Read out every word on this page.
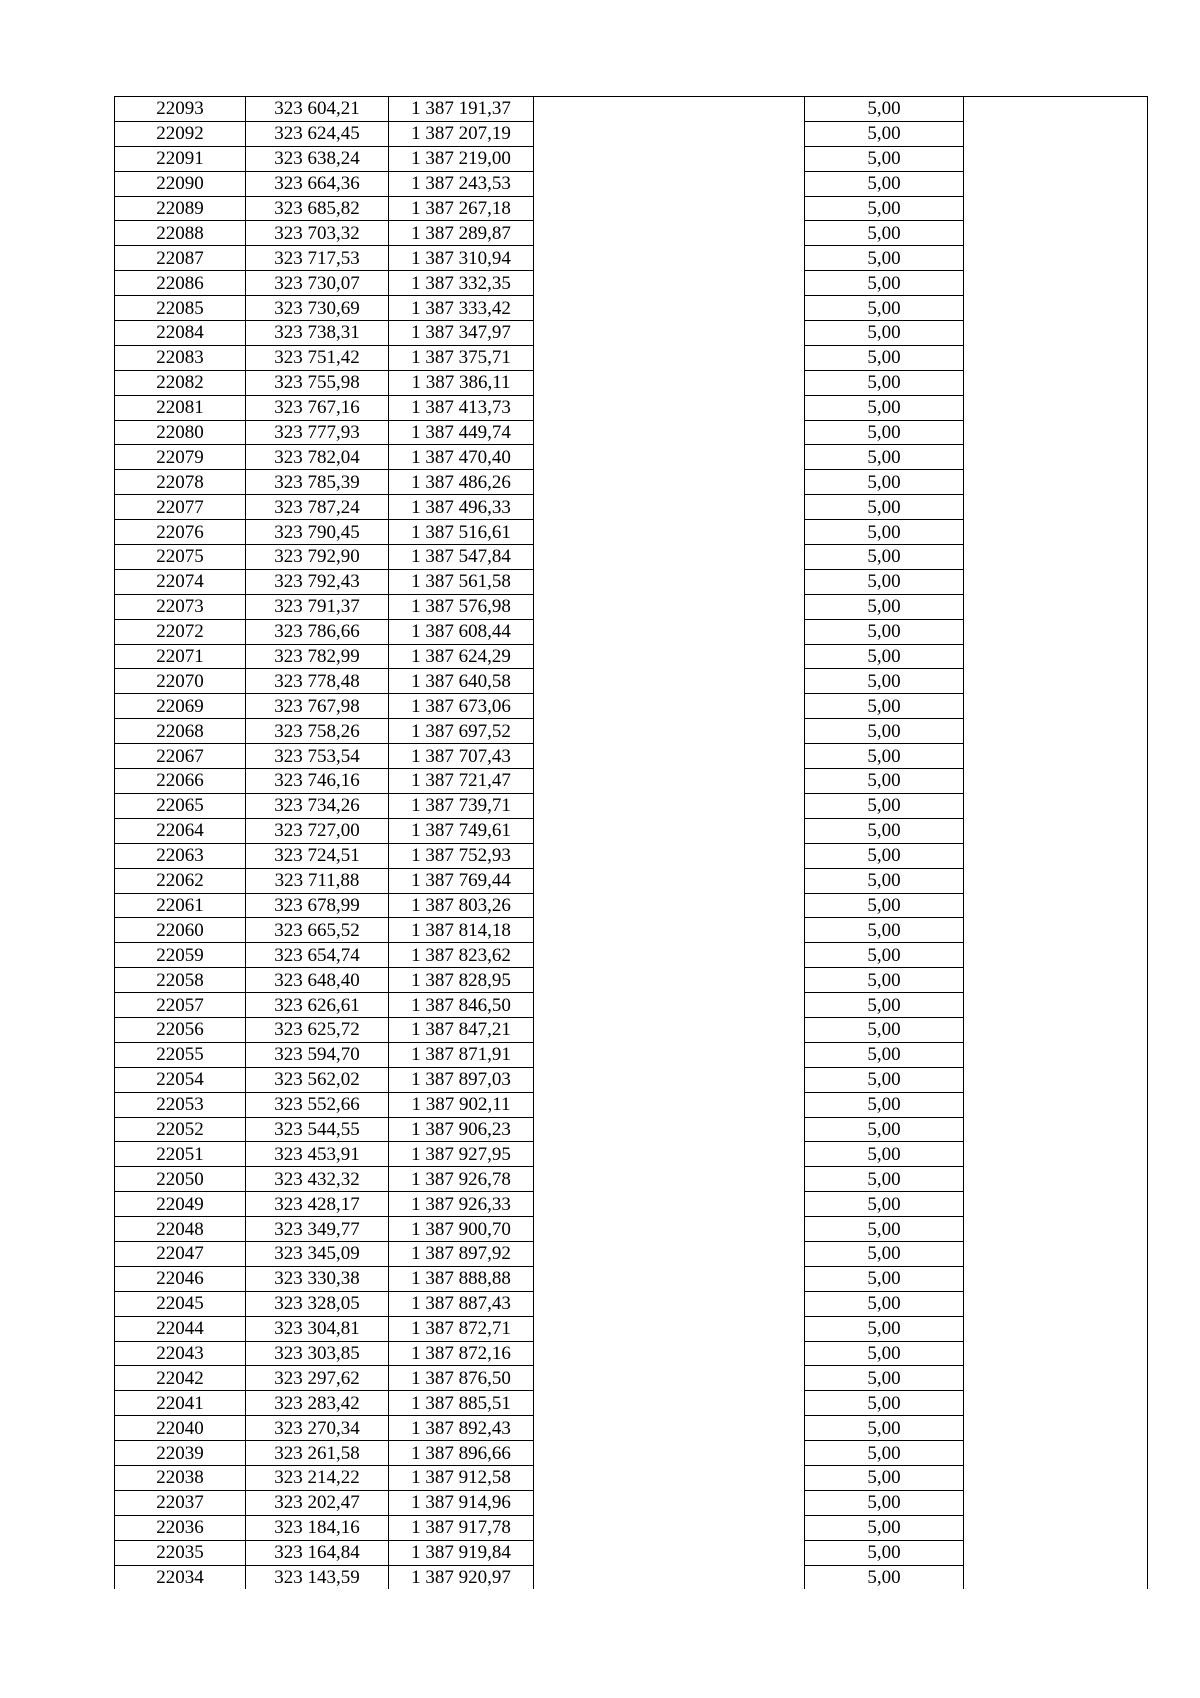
22093	323 604,21	1 387 191,37		5,00	
22092	323 624,45	1 387 207,19		5,00	
22091	323 638,24	1 387 219,00		5,00	
22090	323 664,36	1 387 243,53		5,00	
22089	323 685,82	1 387 267,18		5,00	
22088	323 703,32	1 387 289,87		5,00	
22087	323 717,53	1 387 310,94		5,00	
22086	323 730,07	1 387 332,35		5,00	
22085	323 730,69	1 387 333,42		5,00	
22084	323 738,31	1 387 347,97		5,00	
22083	323 751,42	1 387 375,71		5,00	
22082	323 755,98	1 387 386,11		5,00	
22081	323 767,16	1 387 413,73		5,00	
22080	323 777,93	1 387 449,74		5,00	
22079	323 782,04	1 387 470,40		5,00	
22078	323 785,39	1 387 486,26		5,00	
22077	323 787,24	1 387 496,33		5,00	
22076	323 790,45	1 387 516,61		5,00	
22075	323 792,90	1 387 547,84		5,00	
22074	323 792,43	1 387 561,58		5,00	
22073	323 791,37	1 387 576,98		5,00	
22072	323 786,66	1 387 608,44		5,00	
22071	323 782,99	1 387 624,29		5,00	
22070	323 778,48	1 387 640,58		5,00	
22069	323 767,98	1 387 673,06		5,00	
22068	323 758,26	1 387 697,52		5,00	
22067	323 753,54	1 387 707,43		5,00	
22066	323 746,16	1 387 721,47		5,00	
22065	323 734,26	1 387 739,71		5,00	
22064	323 727,00	1 387 749,61		5,00	
22063	323 724,51	1 387 752,93		5,00	
22062	323 711,88	1 387 769,44		5,00	
22061	323 678,99	1 387 803,26		5,00	
22060	323 665,52	1 387 814,18		5,00	
22059	323 654,74	1 387 823,62		5,00	
22058	323 648,40	1 387 828,95		5,00	
22057	323 626,61	1 387 846,50		5,00	
22056	323 625,72	1 387 847,21		5,00	
22055	323 594,70	1 387 871,91		5,00	
22054	323 562,02	1 387 897,03		5,00	
22053	323 552,66	1 387 902,11		5,00	
22052	323 544,55	1 387 906,23		5,00	
22051	323 453,91	1 387 927,95		5,00	
22050	323 432,32	1 387 926,78		5,00	
22049	323 428,17	1 387 926,33		5,00	
22048	323 349,77	1 387 900,70		5,00	
22047	323 345,09	1 387 897,92		5,00	
22046	323 330,38	1 387 888,88		5,00	
22045	323 328,05	1 387 887,43		5,00	
22044	323 304,81	1 387 872,71		5,00	
22043	323 303,85	1 387 872,16		5,00	
22042	323 297,62	1 387 876,50		5,00	
22041	323 283,42	1 387 885,51		5,00	
22040	323 270,34	1 387 892,43		5,00	
22039	323 261,58	1 387 896,66		5,00	
22038	323 214,22	1 387 912,58		5,00	
22037	323 202,47	1 387 914,96		5,00	
22036	323 184,16	1 387 917,78		5,00	
22035	323 164,84	1 387 919,84		5,00	
22034	323 143,59	1 387 920,97		5,00	
